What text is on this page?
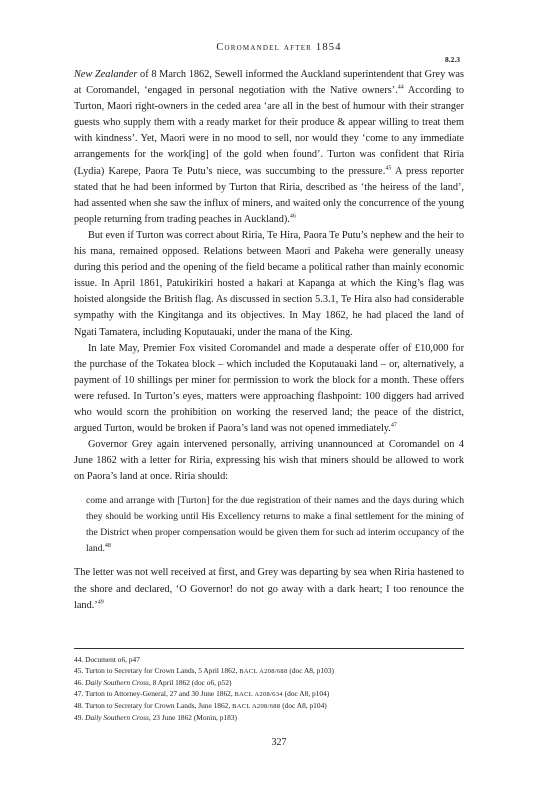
Coromandel after 1854
8.2.3

New Zealander of 8 March 1862, Sewell informed the Auckland superintendent that Grey was at Coromandel, ‘engaged in personal negotiation with the Native owners’.$^{44}$ According to Turton, Maori right-owners in the ceded area ‘are all in the best of humour with their stranger guests who supply them with a ready market for their produce & appear willing to treat them with kindness’. Yet, Maori were in no mood to sell, nor would they ‘come to any immediate arrangements for the work[ing] of the gold when found’. Turton was confident that Riria (Lydia) Karepe, Paora Te Putu’s niece, was succumbing to the pressure.$^{45}$ A press reporter stated that he had been informed by Turton that Riria, described as ‘the heiress of the land’, had assented when she saw the influx of miners, and waited only the concurrence of the young people returning from trading peaches in Auckland).$^{46}$

But even if Turton was correct about Riria, Te Hira, Paora Te Putu’s nephew and the heir to his mana, remained opposed. Relations between Maori and Pakeha were generally uneasy during this period and the opening of the field became a political rather than mainly economic issue. In April 1861, Patukirikiri hosted a hakari at Kapanga at which the King’s flag was hoisted alongside the British flag. As discussed in section 5.3.1, Te Hira also had considerable sympathy with the Kingitanga and its objectives. In May 1862, he had placed the land of Ngati Tamatera, including Koputauaki, under the mana of the King.

In late May, Premier Fox visited Coromandel and made a desperate offer of £10,000 for the purchase of the Tokatea block – which included the Koputauaki land – or, alternatively, a payment of 10 shillings per miner for permission to work the block for a month. These offers were refused. In Turton’s eyes, matters were approaching flashpoint: 100 diggers had arrived who would scorn the prohibition on working the reserved land; the peace of the district, argued Turton, would be broken if Paora’s land was not opened immediately.$^{47}$

Governor Grey again intervened personally, arriving unannounced at Coromandel on 4 June 1862 with a letter for Riria, expressing his wish that miners should be allowed to work on Paora’s land at once. Riria should:

come and arrange with [Turton] for the due registration of their names and the days during which they should be working until His Excellency returns to make a final settlement for the mining of the District when proper compensation would be given them for such ad interim occupancy of the land.$^{48}$

The letter was not well received at first, and Grey was departing by sea when Riria hastened to the shore and declared, ‘O Governor! do not go away with a dark heart; I too renounce the land.’$^{49}$

44. Document o6, p47
45. Turton to Secretary for Crown Lands, 5 April 1862, BACL A208/688 (doc A8, p103)
46. Daily Southern Cross, 8 April 1862 (doc o6, p52)
47. Turton to Attorney-General, 27 and 30 June 1862, BACL A208/634 (doc A8, p104)
48. Turton to Secretary for Crown Lands, June 1862, BACL A208/688 (doc A8, p104)
49. Daily Southern Cross, 23 June 1862 (Monin, p183)
327
